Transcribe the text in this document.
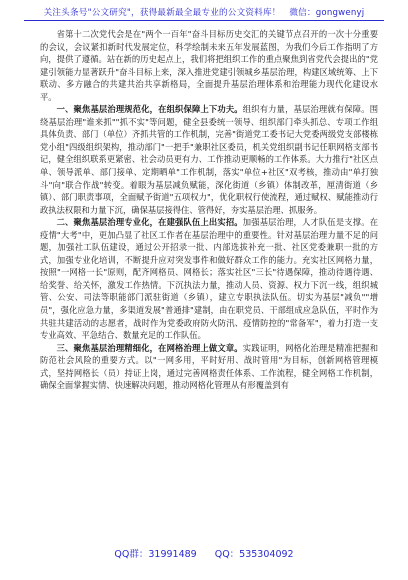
关注头条号"公文研究"，获得最新最全最专业的公文资料库！　 微信：gongwenyj

省第十二次党代会是在"两个一百年"奋斗目标历史交汇的关键节点召开的一次十分重要的会议，会议紧扣新时代发展定位，科学绘制未来五年发展蓝图，为我们今后工作指明了方向，提供了遵循。站在新的历史起点上，我们将把组织工作的重点聚焦到省党代会提出的"党建引领能力显著跃升"奋斗目标上来，深入推进党建引领城乡基层治理，构建区域统筹、上下联动、多方融合的共建共治共享新格局，全面提升基层治理体系和治理能力现代化建设水平。

一、聚焦基层治理规范化，在组织保障上下功夫。组织有力量，基层治理就有保障。围绕基层治理"谁来抓""抓不实"等问题，健全县委统一领导、组织部门牵头抓总、专项工作组具体负责、部门（单位）齐抓共管的工作机制，完善"街道党工委书记大党委两级党支部楼栋党小组"四级组织架构，推动部门"一把手"兼职社区委员，机关党组织副书记任职网格支部书记，健全组织联系更紧密、社会动员更有力、工作推动更顺畅的工作体系。大力推行"社区点单、领导派单、部门接单、定期晒单"工作机制，落实"单位+社区"双考核，推动由"单打独斗"向"联合作战"转变。着眼为基层减负赋能，深化街道（乡镇）体制改革，厘清街道（乡镇）、部门职责事项，全面赋予街道"五项权力"，优化职权行使流程，通过赋权、赋能推动行政执法权限和力量下沉，确保基层接得住、管得好，夯实基层治理、抓服务。

二、聚焦基层治理专业化，在建强队伍上出实招。加强基层治理，人才队伍是支撑。在疫情"大考"中，更加凸显了社区工作者在基层治理中的重要性。针对基层治理力量不足的问题，加强社工队伍建设，通过公开招录一批、内部选拔补充一批、社区党委兼职一批的方式，加强专业化培训，不断提升应对突发事件和做好群众工作的能力。充实社区网格力量，按照"一网格一长"原则，配齐网格员、网格长；落实社区"三长"待遇保障，推动待遇待遇、给奖誉、给关怀，激发工作热情。下沉执法力量，推动人员、资源、权力下沉一线，组织城管、公安、司法等职能部门派驻街道（乡镇），建立专职执法队伍。切实为基层"减负""增员"，强化应急力量，多渠道发展"普通排"建制，由在职党员、干部组成应急队伍，平时作为共驻共建活动的志愿者，战时作为党委政府防火防汛、疫情防控的"常备军"，着力打造一支专业高效、平急结合、数量充足的工作队伍。

三、聚焦基层治理精细化，在网格治理上做文章。实践证明，网格化治理是精准把握和防范社会风险的重要方式。以"一网多用，平时好用、战时管用"为目标，创新网格管理模式，坚持网格长（员）持证上岗，通过完善网格责任体系、工作流程，健全网格工作机制，确保全面掌握实情、快速解决问题，推动网格化管理从有形覆盖到有

QQ群：31991489 QQ：535304092
